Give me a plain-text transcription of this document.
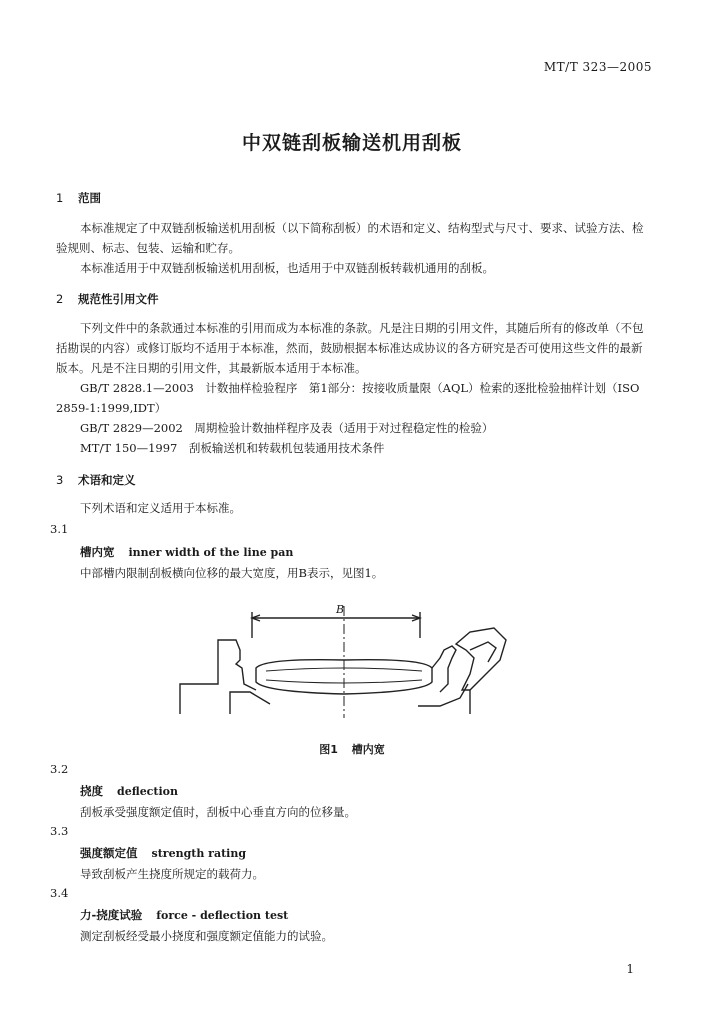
MT/T 323—2005
中双链刮板输送机用刮板
1 范围
本标准规定了中双链刮板输送机用刮板（以下简称刮板）的术语和定义、结构型式与尺寸、要求、试验方法、检验规则、标志、包装、运输和贮存。
本标准适用于中双链刮板输送机用刮板，也适用于中双链刮板转载机通用的刮板。
2 规范性引用文件
下列文件中的条款通过本标准的引用而成为本标准的条款。凡是注日期的引用文件，其随后所有的修改单（不包括勘误的内容）或修订版均不适用于本标准，然而，鼓励根据本标准达成协议的各方研究是否可使用这些文件的最新版本。凡是不注日期的引用文件，其最新版本适用于本标准。
GB/T 2828.1—2003　计数抽样检验程序　第1部分：按接收质量限（AQL）检索的逐批检验抽样计划（ISO 2859-1:1999,IDT）
GB/T 2829—2002　周期检验计数抽样程序及表（适用于对过程稳定性的检验）
MT/T 150—1997　刮板输送机和转载机包装通用技术条件
3 术语和定义
下列术语和定义适用于本标准。
3.1
槽内宽 inner width of the line pan
中部槽内限制刮板横向位移的最大宽度，用B表示，见图1。
B
图1 槽内宽
3.2
挠度 deflection
刮板承受强度额定值时，刮板中心垂直方向的位移量。
3.3
强度额定值 strength rating
导致刮板产生挠度所规定的载荷力。
3.4
力-挠度试验 force - deflection test
测定刮板经受最小挠度和强度额定值能力的试验。
1
